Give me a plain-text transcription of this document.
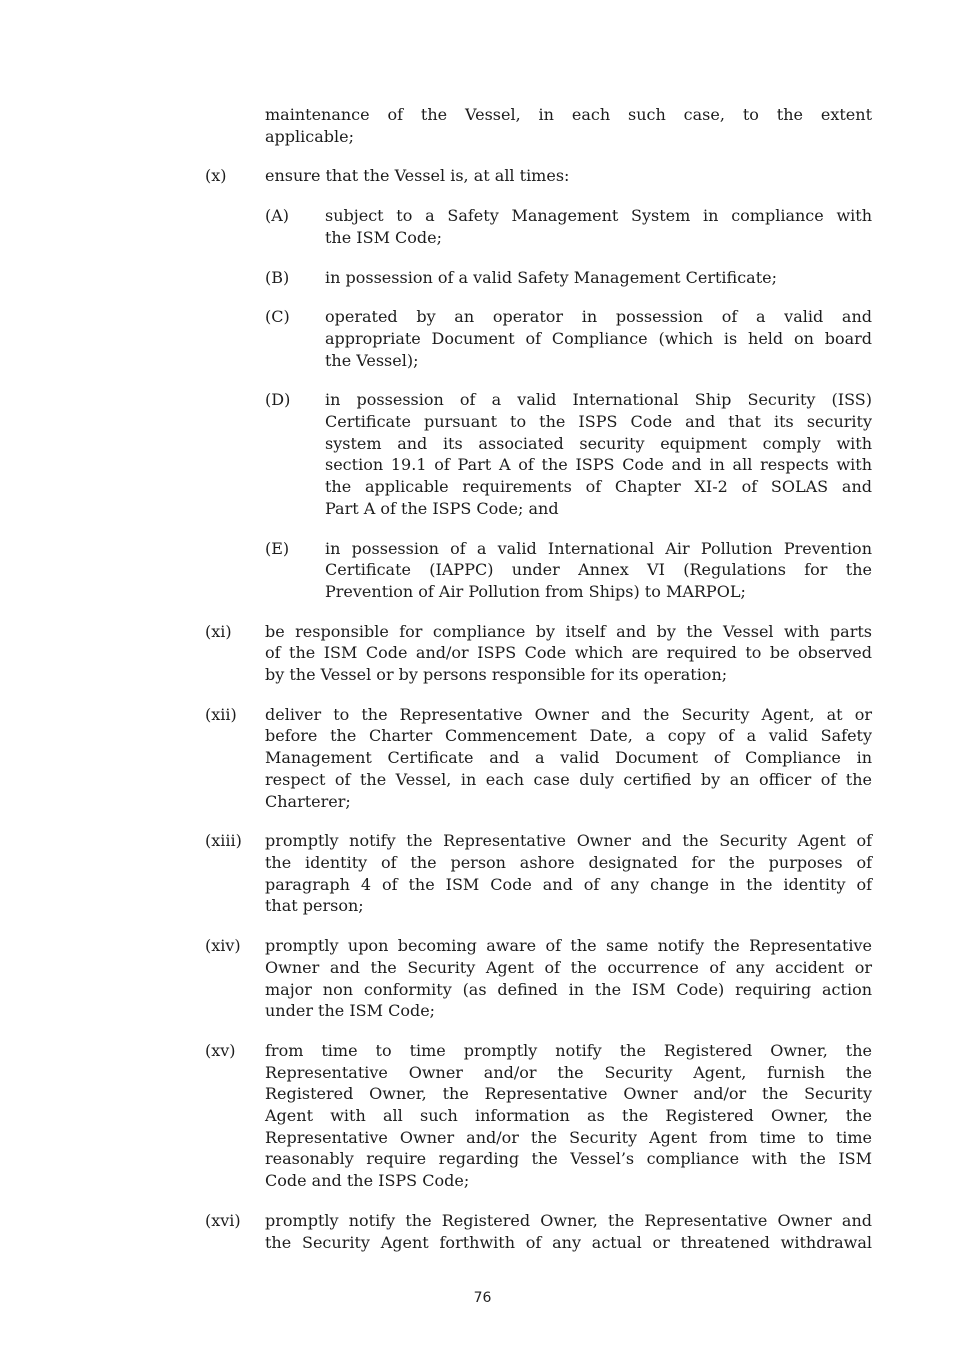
maintenance of the Vessel, in each such case, to the extent
applicable;
(x)	ensure that the Vessel is, at all times:
(A)	subject to a Safety Management System in compliance with
the ISM Code;
(B)	in possession of a valid Safety Management Certificate;
(C)	operated by an operator in possession of a valid and
appropriate Document of Compliance (which is held on board
the Vessel);
(D)	in possession of a valid International Ship Security (ISS)
Certificate pursuant to the ISPS Code and that its security
system and its associated security equipment comply with
section 19.1 of Part A of the ISPS Code and in all respects with
the applicable requirements of Chapter XI-2 of SOLAS and
Part A of the ISPS Code; and
(E)	in possession of a valid International Air Pollution Prevention
Certificate (IAPPC) under Annex VI (Regulations for the
Prevention of Air Pollution from Ships) to MARPOL;
(xi)	be responsible for compliance by itself and by the Vessel with parts
of the ISM Code and/or ISPS Code which are required to be observed
by the Vessel or by persons responsible for its operation;
(xii)	deliver to the Representative Owner and the Security Agent, at or
before the Charter Commencement Date, a copy of a valid Safety
Management Certificate and a valid Document of Compliance in
respect of the Vessel, in each case duly certified by an officer of the
Charterer;
(xiii)	promptly notify the Representative Owner and the Security Agent of
the identity of the person ashore designated for the purposes of
paragraph 4 of the ISM Code and of any change in the identity of
that person;
(xiv)	promptly upon becoming aware of the same notify the Representative
Owner and the Security Agent of the occurrence of any accident or
major non conformity (as defined in the ISM Code) requiring action
under the ISM Code;
(xv)	from time to time promptly notify the Registered Owner, the
Representative Owner and/or the Security Agent, furnish the
Registered Owner, the Representative Owner and/or the Security
Agent with all such information as the Registered Owner, the
Representative Owner and/or the Security Agent from time to time
reasonably require regarding the Vessel’s compliance with the ISM
Code and the ISPS Code;
(xvi)	promptly notify the Registered Owner, the Representative Owner and
the Security Agent forthwith of any actual or threatened withdrawal
76
